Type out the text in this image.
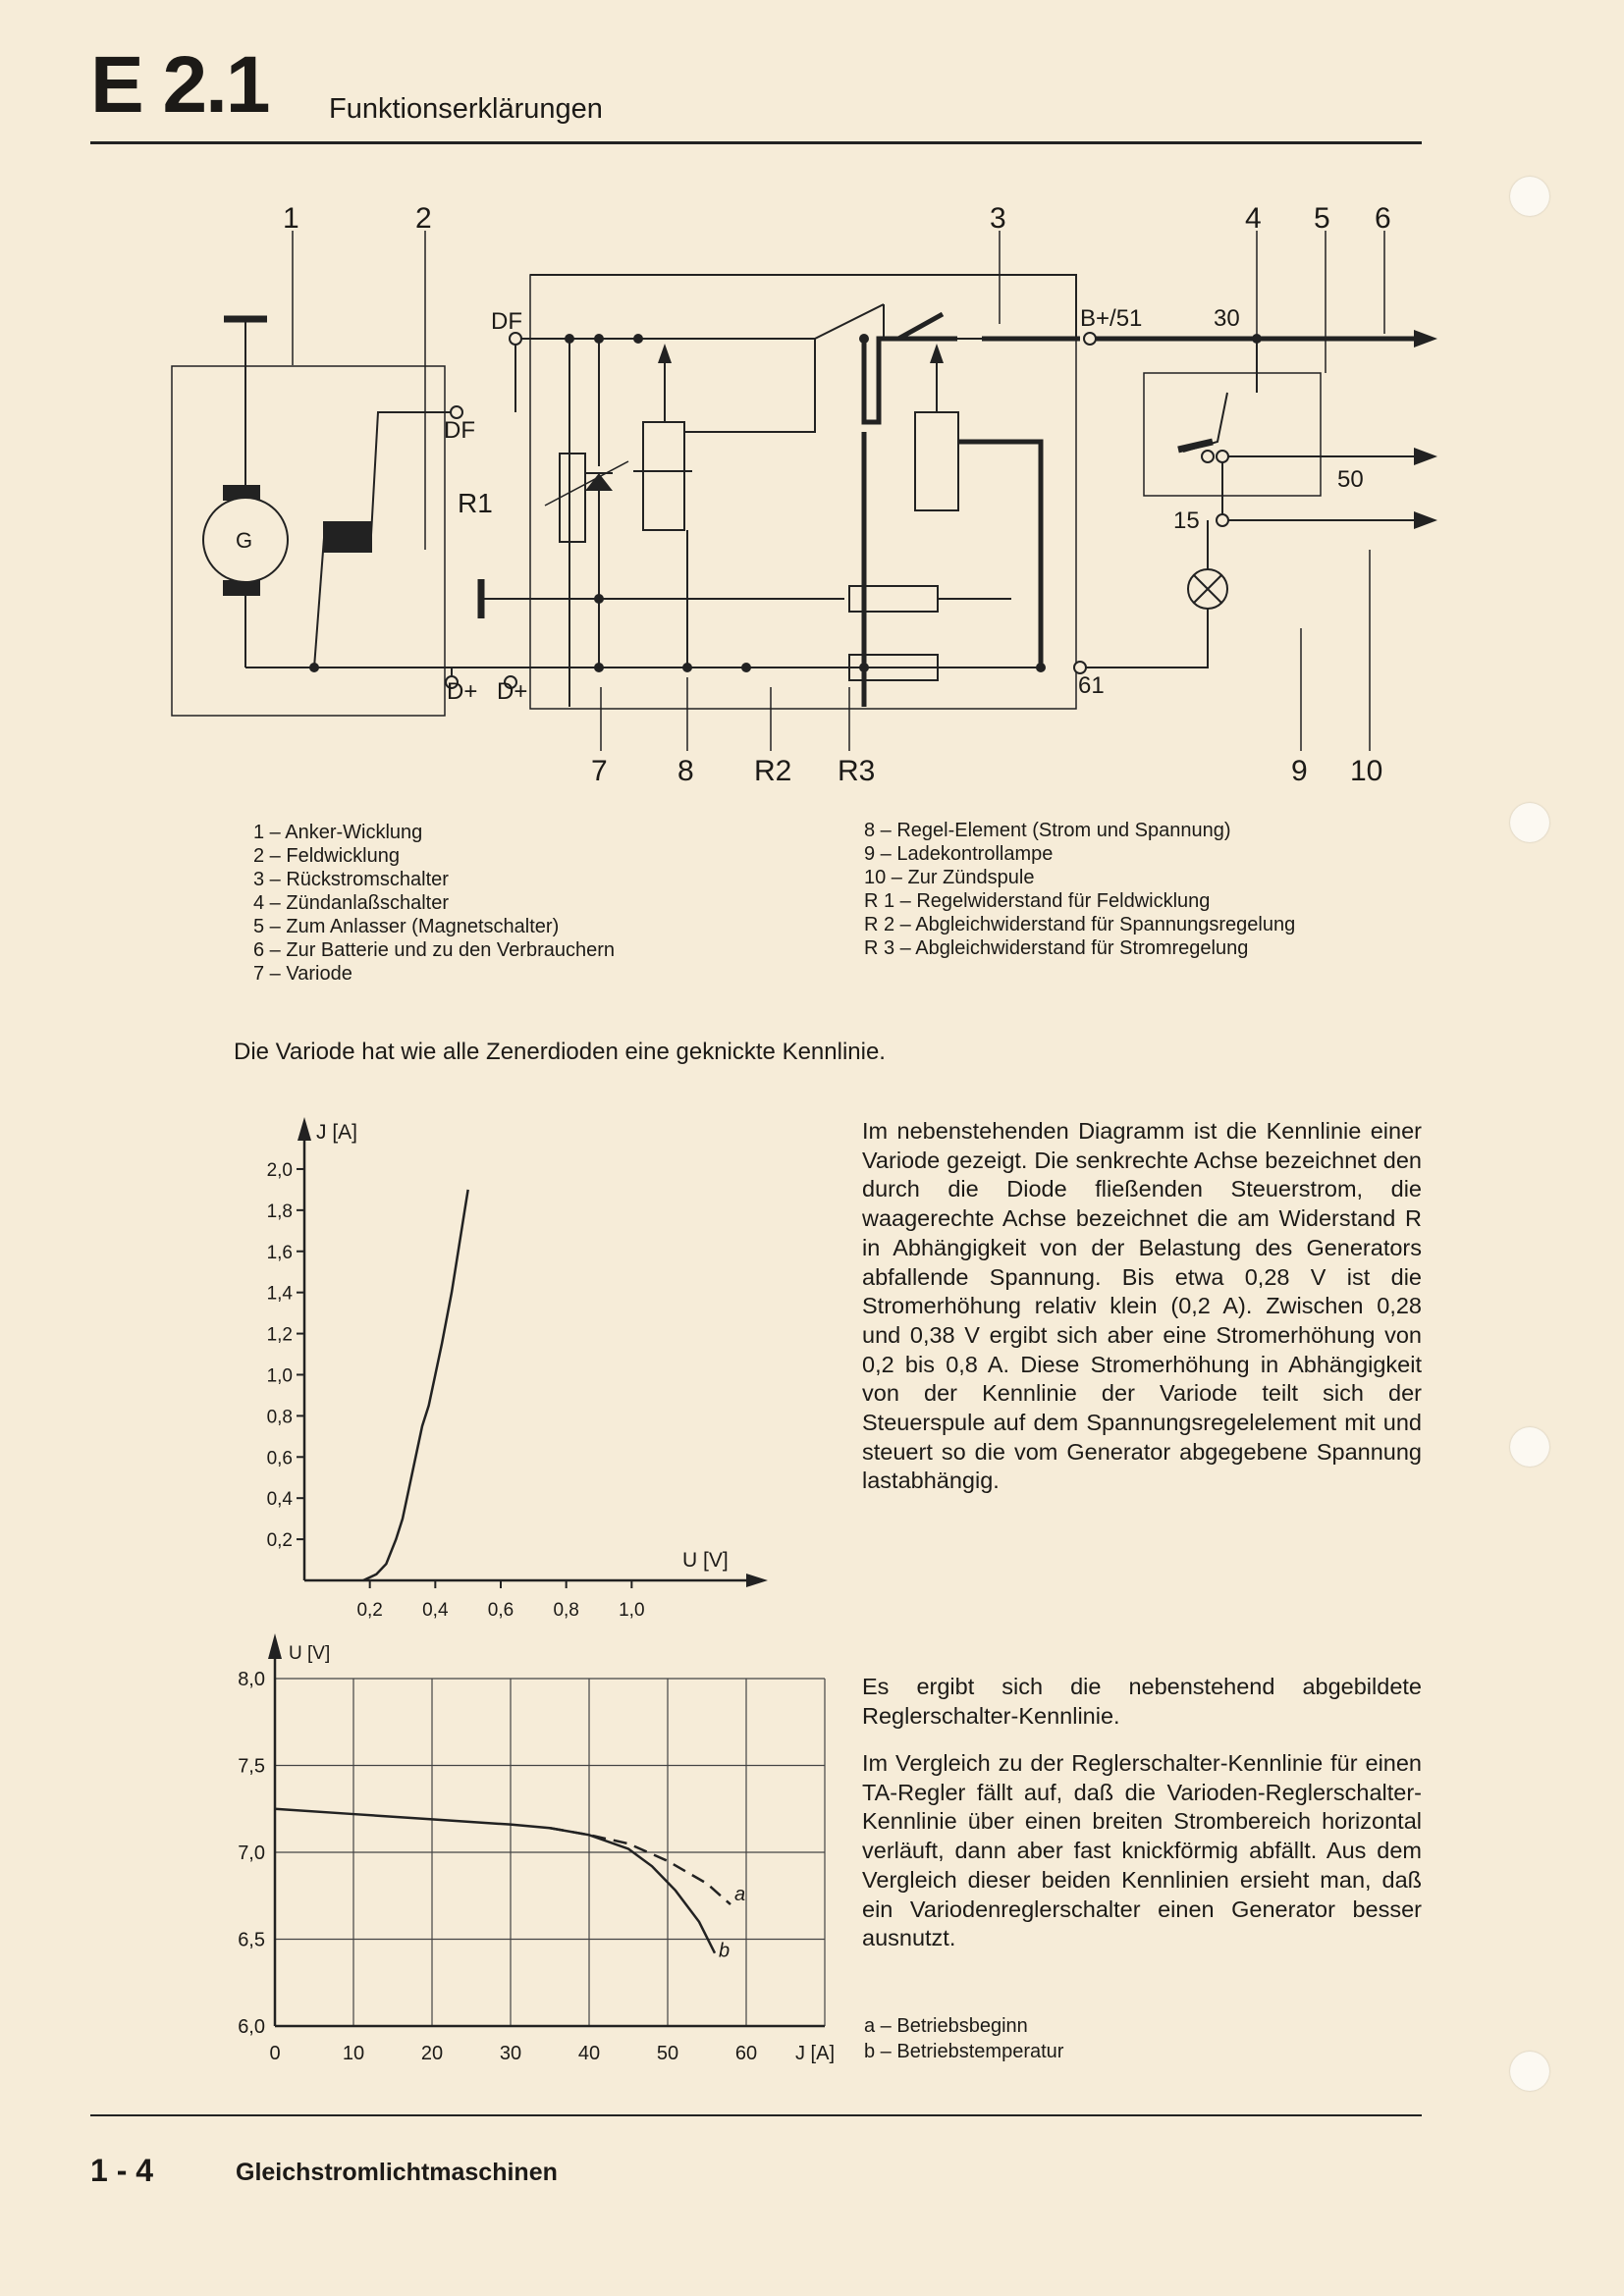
E 2.1 Funktionserklärungen
1	2	3	4 5 6
7 8 R2 R3	9 10
DF
DF
B+/51	30
50
15
61
D+ D+
R1
G
1 – Anker-Wicklung
2 – Feldwicklung
3 – Rückstromschalter
4 – Zündanlaßschalter
5 – Zum Anlasser (Magnetschalter)
6 – Zur Batterie und zu den Verbrauchern
7 – Variode
8 – Regel-Element (Strom und Spannung)
9 – Ladekontrollampe
10 – Zur Zündspule
R 1 – Regelwiderstand für Feldwicklung
R 2 – Abgleichwiderstand für Spannungsregelung
R 3 – Abgleichwiderstand für Stromregelung
Die Variode hat wie alle Zenerdioden eine geknickte Kennlinie.
0,2
0,4
0,6
0,8
1,0
1,2
1,4
1,6
1,8
2,0
0,2 0,4 0,6 0,8 1,0
J [A]
U [V]
Im nebenstehenden Diagramm ist die Kennlinie einer Variode gezeigt. Die senkrechte Achse bezeichnet den durch die Diode fließenden Steuerstrom, die waagerechte Achse bezeichnet die am Widerstand R in Abhängigkeit von der Belastung des Generators abfallende Spannung. Bis etwa 0,28 V ist die Stromerhöhung relativ klein (0,2 A). Zwischen 0,28 und 0,38 V ergibt sich aber eine Stromerhöhung von 0,2 bis 0,8 A. Diese Stromerhöhung in Abhängigkeit von der Kennlinie der Variode teilt sich der Steuerspule auf dem Spannungsregelelement mit und steuert so die vom Generator abgegebene Spannung lastabhängig.
6,0
6,5
7,0
7,5
8,0
0	10	20	30	40	50	60
U [V]
J [A]
a
b
Es ergibt sich die nebenstehend abgebildete Reglerschalter-Kennlinie.
Im Vergleich zu der Reglerschalter-Kennlinie für einen TA-Regler fällt auf, daß die Varioden-Reglerschalter-Kennlinie über einen breiten Strombereich horizontal verläuft, dann aber fast knickförmig abfällt. Aus dem Vergleich dieser beiden Kennlinien ersieht man, daß ein Variodenreglerschalter einen Generator besser ausnutzt.
a – Betriebsbeginn
b – Betriebstemperatur
1 - 4	Gleichstromlichtmaschinen
